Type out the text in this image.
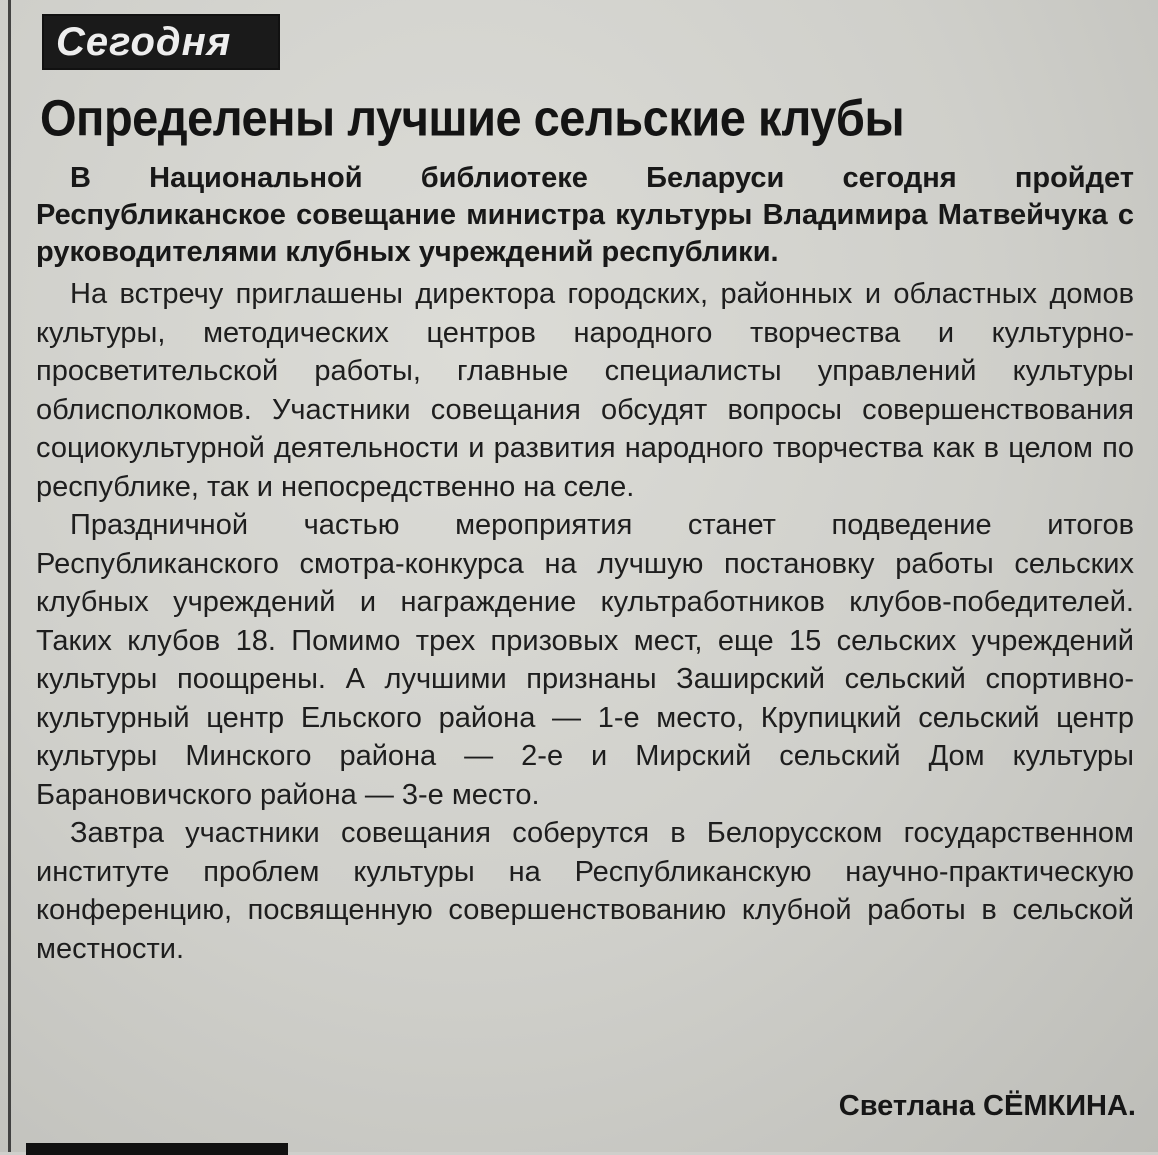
Сегодня
Определены лучшие сельские клубы

В Национальной библиотеке Беларуси сегодня пройдет Республиканское совещание министра культуры Владимира Матвейчука с руководителями клубных учреждений республики.

На встречу приглашены директора городских, районных и областных домов культуры, методических центров народного творчества и культурно-просветительской работы, главные специалисты управлений культуры облисполкомов. Участники совещания обсудят вопросы совершенствования социокультурной деятельности и развития народного творчества как в целом по республике, так и непосредственно на селе.

Праздничной частью мероприятия станет подведение итогов Республиканского смотра-конкурса на лучшую постановку работы сельских клубных учреждений и награждение культработников клубов-победителей. Таких клубов 18. Помимо трех призовых мест, еще 15 сельских учреждений культуры поощрены. А лучшими признаны Заширский сельский спортивно-культурный центр Ельского района — 1-е место, Крупицкий сельский центр культуры Минского района — 2-е и Мирский сельский Дом культуры Барановичского района — 3-е место.

Завтра участники совещания соберутся в Белорусском государственном институте проблем культуры на Республиканскую научно-практическую конференцию, посвященную совершенствованию клубной работы в сельской местности.

Светлана СЁМКИНА.
